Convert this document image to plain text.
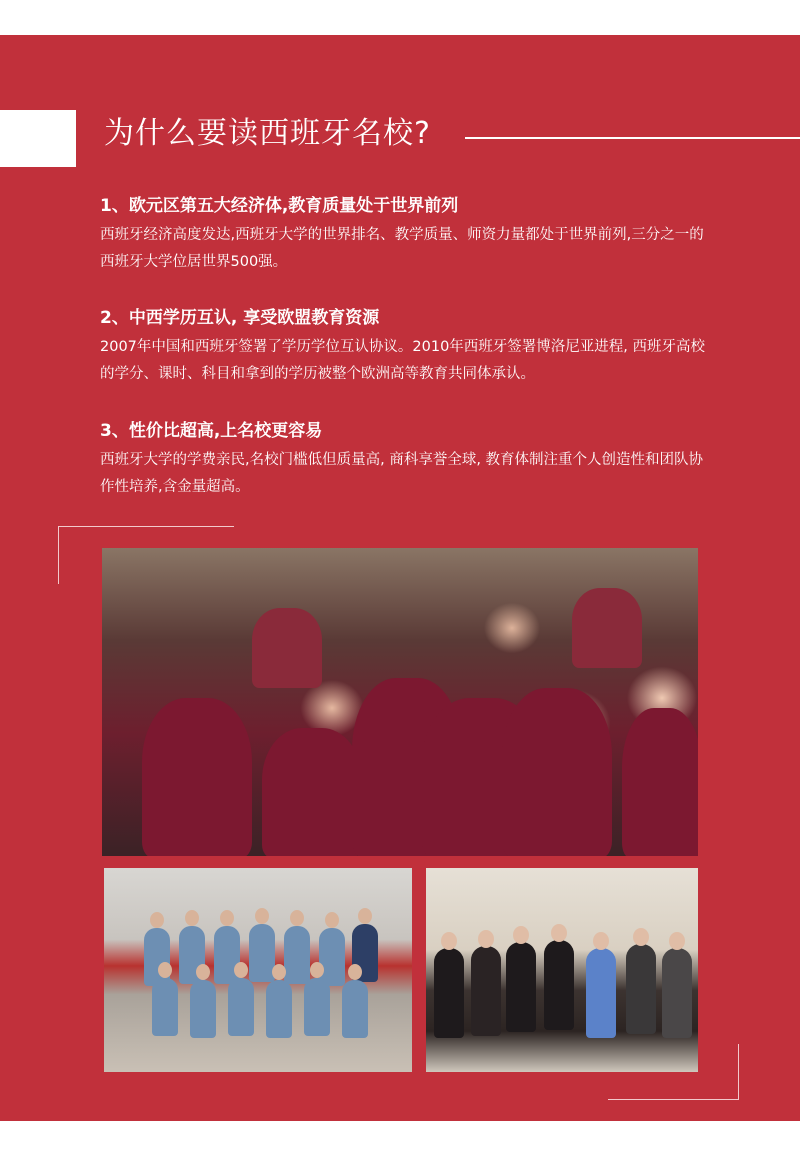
为什么要读西班牙名校?
1、欧元区第五大经济体,教育质量处于世界前列
西班牙经济高度发达,西班牙大学的世界排名、教学质量、师资力量都处于世界前列,三分之一的西班牙大学位居世界500强。
2、中西学历互认, 享受欧盟教育资源
2007年中国和西班牙签署了学历学位互认协议。2010年西班牙签署博洛尼亚进程, 西班牙高校的学分、课时、科目和拿到的学历被整个欧洲高等教育共同体承认。
3、性价比超高,上名校更容易
西班牙大学的学费亲民,名校门槛低但质量高, 商科享誉全球, 教育体制注重个人创造性和团队协作性培养,含金量超高。
